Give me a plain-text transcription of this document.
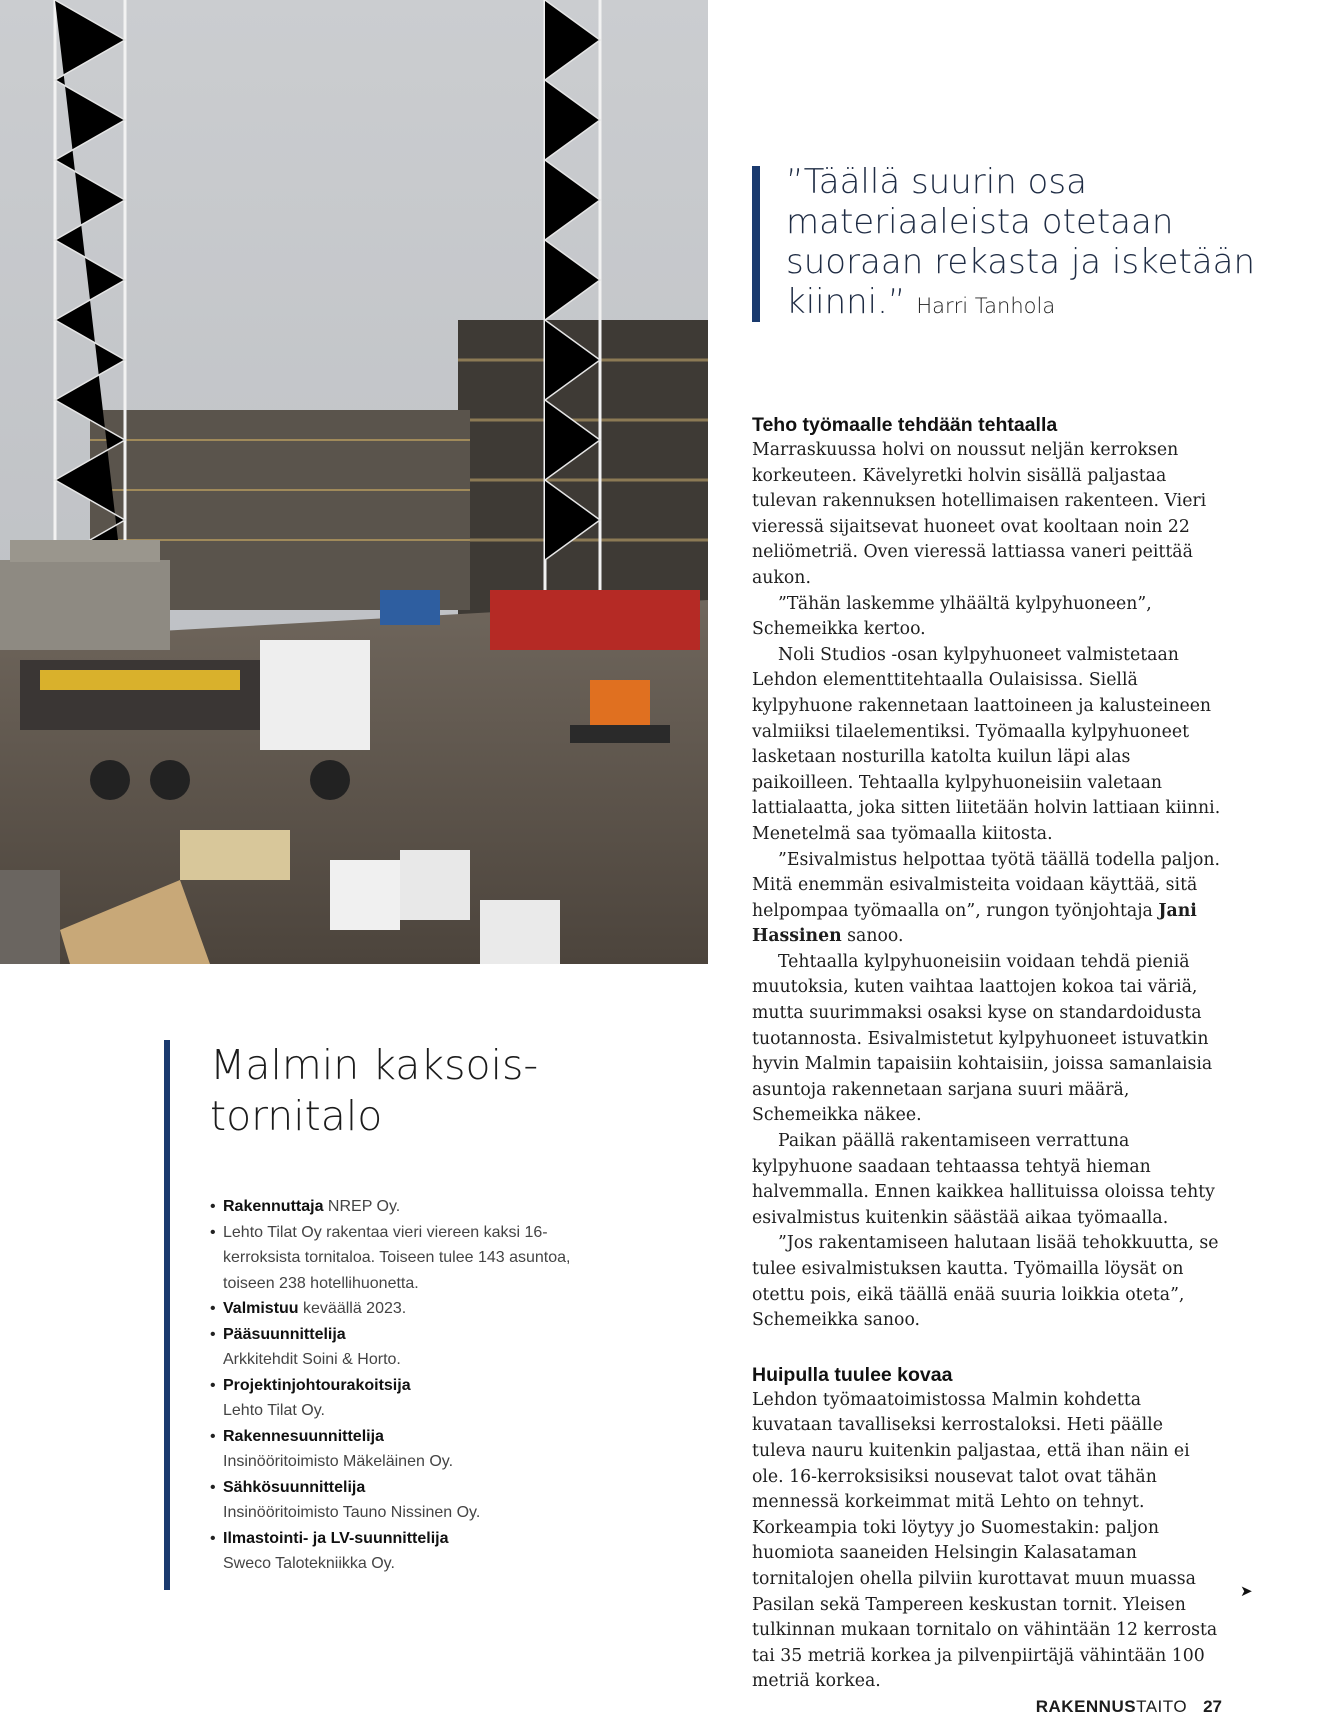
”Täällä suurin osa materiaaleista otetaan suoraan rekasta ja isketään kiinni.” Harri Tanhola
Malmin kaksois-
tornitalo
• Rakennuttaja NREP Oy.
• Lehto Tilat Oy rakentaa vieri viereen kaksi 16-kerroksista tornitaloa. Toiseen tulee 143 asuntoa, toiseen 238 hotellihuonetta.
• Valmistuu keväällä 2023.
• Pääsuunnittelija
Arkkitehdit Soini & Horto.
• Projektinjohtourakoitsija
Lehto Tilat Oy.
• Rakennesuunnittelija
Insinööritoimisto Mäkeläinen Oy.
• Sähkösuunnittelija
Insinööritoimisto Tauno Nissinen Oy.
• Ilmastointi- ja LV-suunnittelija
Sweco Talotekniikka Oy.
Teho työmaalle tehdään tehtaalla

Marraskuussa holvi on noussut neljän kerroksen korkeuteen. Kävelyretki holvin sisällä paljastaa tulevan rakennuksen hotellimaisen rakenteen. Vieri vieressä sijaitsevat huoneet ovat kooltaan noin 22 neliömetriä. Oven vieressä lattiassa vaneri peittää aukon.

”Tähän laskemme ylhäältä kylpyhuoneen”, Schemeikka kertoo.

Noli Studios -osan kylpyhuoneet valmistetaan Lehdon elementtitehtaalla Oulaisissa. Siellä kylpyhuone rakennetaan laattoineen ja kalusteineen valmiiksi tilaelementiksi. Työmaalla kylpyhuoneet lasketaan nosturilla katolta kuilun läpi alas paikoilleen. Tehtaalla kylpyhuoneisiin valetaan lattialaatta, joka sitten liitetään holvin lattiaan kiinni. Menetelmä saa työmaalla kiitosta.

”Esivalmistus helpottaa työtä täällä todella paljon. Mitä enemmän esivalmisteita voidaan käyttää, sitä helpompaa työmaalla on”, rungon työnjohtaja Jani Hassinen sanoo.

Tehtaalla kylpyhuoneisiin voidaan tehdä pieniä muutoksia, kuten vaihtaa laattojen kokoa tai väriä, mutta suurimmaksi osaksi kyse on standardoidusta tuotannosta. Esivalmistetut kylpyhuoneet istuvatkin hyvin Malmin tapaisiin kohtaisiin, joissa samanlaisia asuntoja rakennetaan sarjana suuri määrä, Schemeikka näkee.

Paikan päällä rakentamiseen verrattuna kylpyhuone saadaan tehtaassa tehtyä hieman halvemmalla. Ennen kaikkea hallituissa oloissa tehty esivalmistus kuitenkin säästää aikaa työmaalla.

”Jos rakentamiseen halutaan lisää tehokkuutta, se tulee esivalmistuksen kautta. Työmailla löysät on otettu pois, eikä täällä enää suuria loikkia oteta”, Schemeikka sanoo.

Huipulla tuulee kovaa

Lehdon työmaatoimistossa Malmin kohdetta kuvataan tavalliseksi kerrostaloksi. Heti päälle tuleva nauru kuitenkin paljastaa, että ihan näin ei ole. 16-kerroksisiksi nousevat talot ovat tähän mennessä korkeimmat mitä Lehto on tehnyt. Korkeampia toki löytyy jo Suomestakin: paljon huomiota saaneiden Helsingin Kalasataman tornitalojen ohella pilviin kurottavat muun muassa Pasilan sekä Tampereen keskustan tornit. Yleisen tulkinnan mukaan tornitalo on vähintään 12 kerrosta tai 35 metriä korkea ja pilvenpiirtäjä vähintään 100 metriä korkea.

➤
RAKENNUSTAITO 27
